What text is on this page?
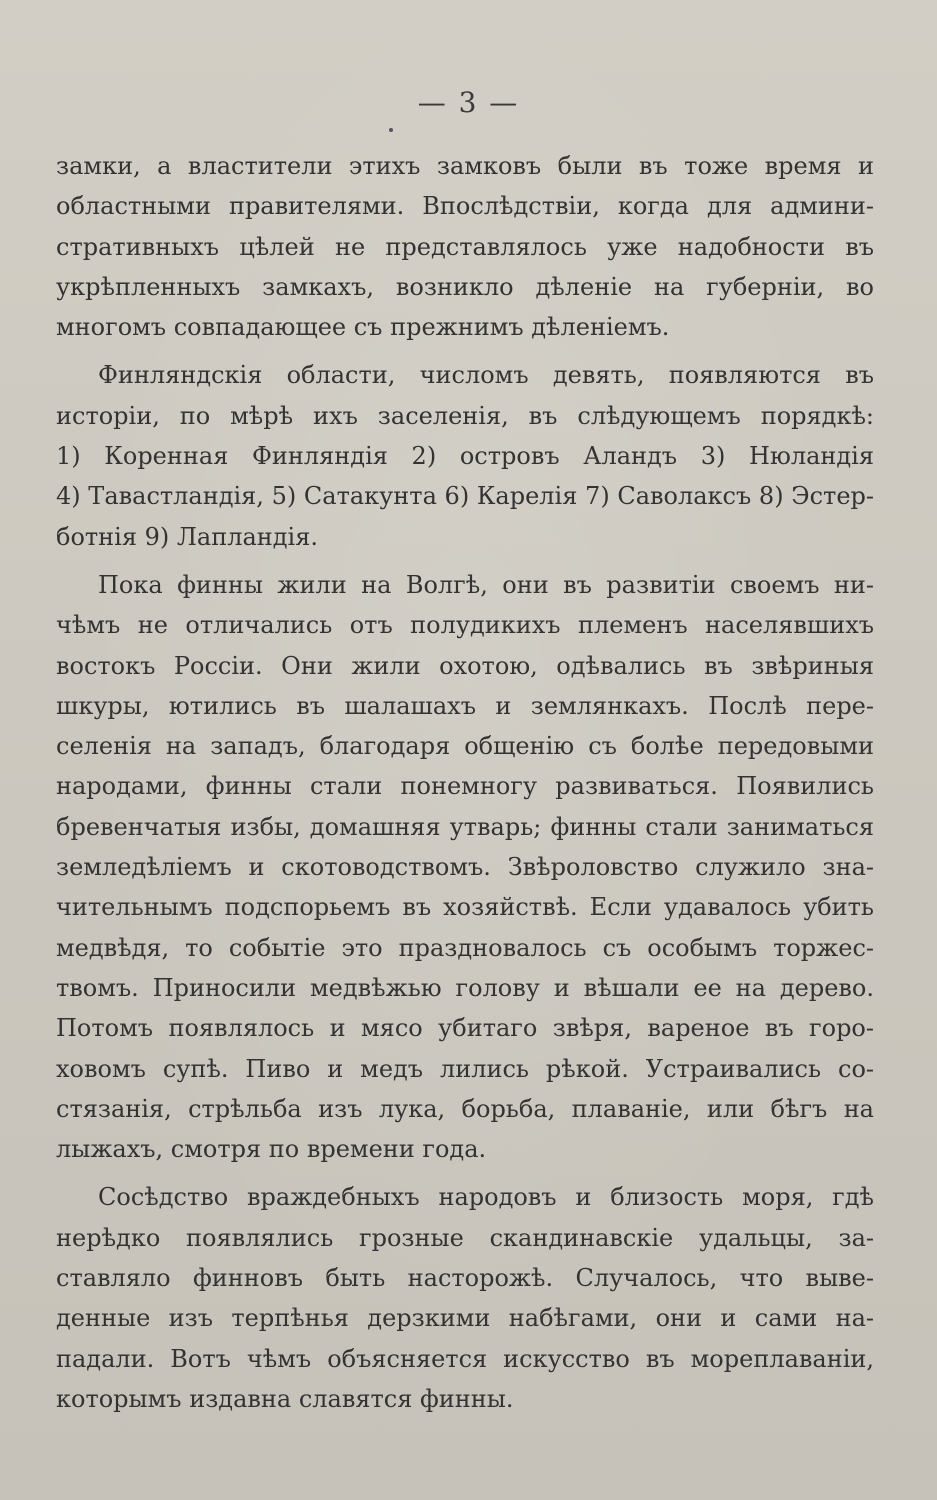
— 3 —
замки, а властители этихъ замковъ были въ тоже время и
областными правителями. Впослѣдствіи, когда для админи-
стративныхъ цѣлей не представлялось уже надобности въ
укрѣпленныхъ замкахъ, возникло дѣленіе на губерніи, во
многомъ совпадающее съ прежнимъ дѣленіемъ.
Финляндскія области, числомъ девять, появляются въ
исторіи, по мѣрѣ ихъ заселенія, въ слѣдующемъ порядкѣ:
1) Коренная Финляндія 2) островъ Аландъ 3) Нюландія
4) Тавастландія, 5) Сатакунта 6) Карелія 7) Саволаксъ 8) Эстер-
ботнія 9) Лапландія.
Пока финны жили на Волгѣ, они въ развитіи своемъ ни-
чѣмъ не отличались отъ полудикихъ племенъ населявшихъ
востокъ Россіи. Они жили охотою, одѣвались въ звѣриныя
шкуры, ютились въ шалашахъ и землянкахъ. Послѣ пере-
селенія на западъ, благодаря общенію съ болѣе передовыми
народами, финны стали понемногу развиваться. Появились
бревенчатыя избы, домашняя утварь; финны стали заниматься
земледѣліемъ и скотоводствомъ. Звѣроловство служило зна-
чительнымъ подспорьемъ въ хозяйствѣ. Если удавалось убить
медвѣдя, то событіе это праздновалось съ особымъ торжес-
твомъ. Приносили медвѣжью голову и вѣшали ее на дерево.
Потомъ появлялось и мясо убитаго звѣря, вареное въ горо-
ховомъ супѣ. Пиво и медъ лились рѣкой. Устраивались со-
стязанія, стрѣльба изъ лука, борьба, плаваніе, или бѣгъ на
лыжахъ, смотря по времени года.
Сосѣдство враждебныхъ народовъ и близость моря, гдѣ
нерѣдко появлялись грозные скандинавскіе удальцы, за-
ставляло финновъ быть насторожѣ. Случалось, что выве-
денные изъ терпѣнья дерзкими набѣгами, они и сами на-
падали. Вотъ чѣмъ объясняется искусство въ мореплаваніи,
которымъ издавна славятся финны.
